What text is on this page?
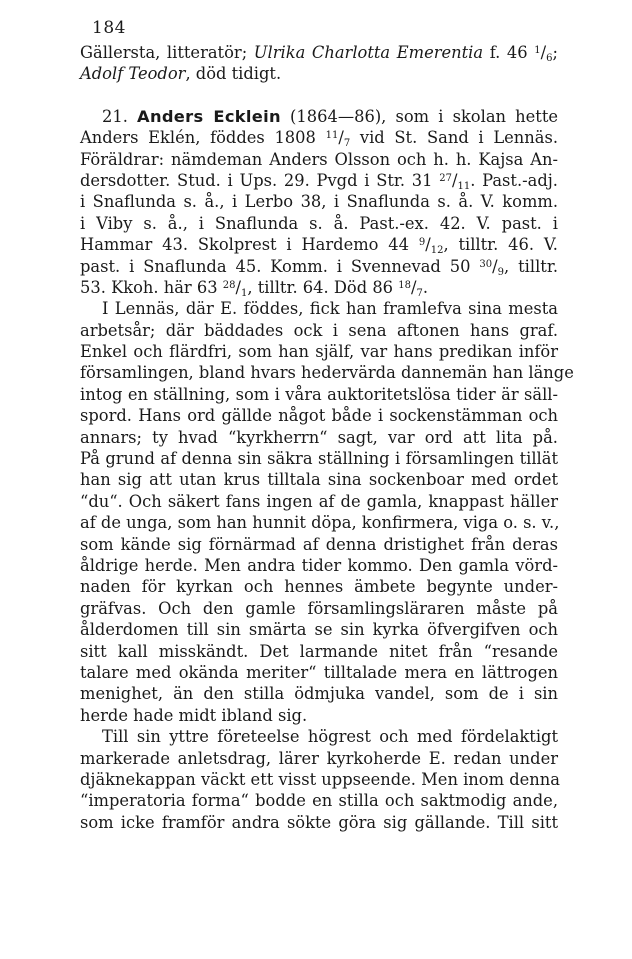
184
Gällersta, litteratör; Ulrika Charlotta Emerentia f. 46 $^1/_6$;
Adolf Teodor, död tidigt.
21. Anders Ecklein (1864—86), som i skolan hette
Anders Eklén, föddes 1808 $^{11}/_7$ vid St. Sand i Lennäs.
Föräldrar: nämdeman Anders Olsson och h. h. Kajsa An-
dersdotter. Stud. i Ups. 29. Pvgd i Str. 31 $^{27}/_{11}$. Past.-adj.
i Snaflunda s. å., i Lerbo 38, i Snaflunda s. å. V. komm.
i Viby s. å., i Snaflunda s. å. Past.-ex. 42. V. past. i
Hammar 43. Skolprest i Hardemo 44 $^9/_{12}$, tilltr. 46. V.
past. i Snaflunda 45. Komm. i Svennevad 50 $^{30}/_9$, tilltr.
53. Kkoh. här 63 $^{28}/_1$, tilltr. 64. Död 86 $^{18}/_7$.
I Lennäs, där E. föddes, fick han framlefva sina mesta
arbetsår; där bäddades ock i sena aftonen hans graf.
Enkel och flärdfri, som han själf, var hans predikan inför
församlingen, bland hvars hedervärda dannemän han länge
intog en ställning, som i våra auktoritetslösa tider är säll-
spord. Hans ord gällde något både i sockenstämman och
annars; ty hvad “kyrkherrn“ sagt, var ord att lita på.
På grund af denna sin säkra ställning i församlingen tillät
han sig att utan krus tilltala sina sockenboar med ordet
“du“. Och säkert fans ingen af de gamla, knappast häller
af de unga, som han hunnit döpa, konfirmera, viga o. s. v.,
som kände sig förnärmad af denna dristighet från deras
åldrige herde. Men andra tider kommo. Den gamla vörd-
naden för kyrkan och hennes ämbete begynte under-
gräfvas. Och den gamle församlingsläraren måste på
ålderdomen till sin smärta se sin kyrka öfvergifven och
sitt kall misskändt. Det larmande nitet från “resande
talare med okända meriter“ tilltalade mera en lättrogen
menighet, än den stilla ödmjuka vandel, som de i sin
herde hade midt ibland sig.
Till sin yttre företeelse högrest och med fördelaktigt
markerade anletsdrag, lärer kyrkoherde E. redan under
djäknekappan väckt ett visst uppseende. Men inom denna
“imperatoria forma“ bodde en stilla och saktmodig ande,
som icke framför andra sökte göra sig gällande. Till sitt
